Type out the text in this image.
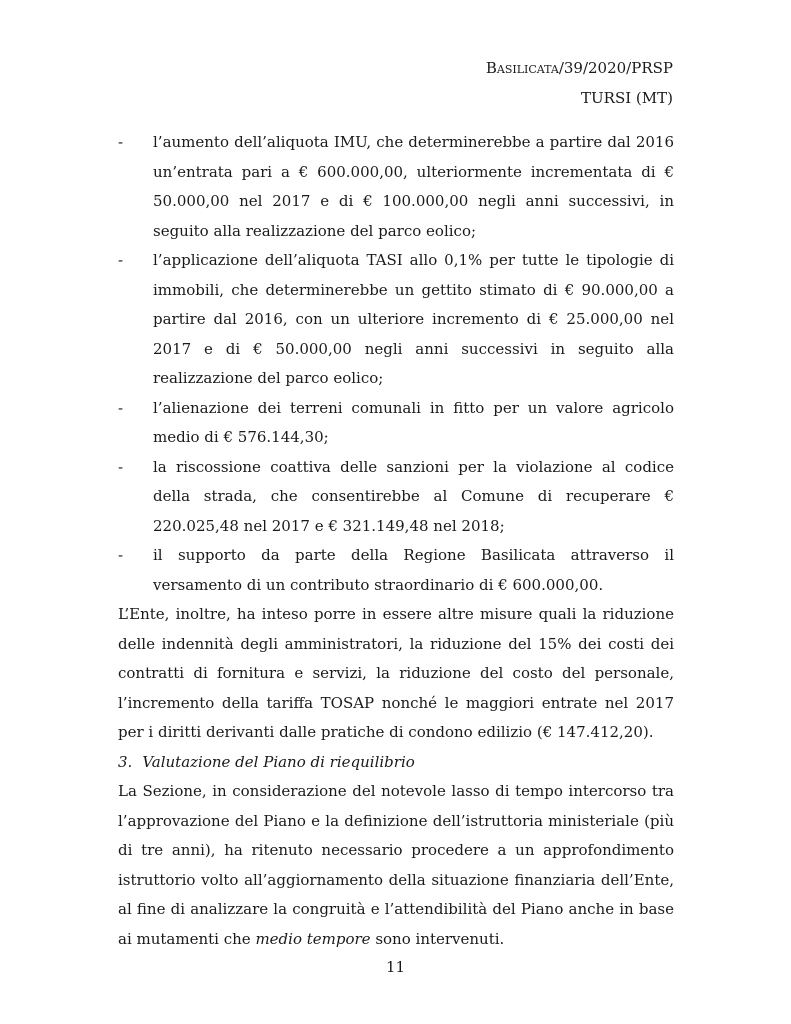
Basilicata/39/2020/PRSP
TURSI (MT)
- l’aumento dell’aliquota IMU, che determinerebbe a partire dal 2016 un’entrata pari a € 600.000,00, ulteriormente incrementata di € 50.000,00 nel 2017 e di € 100.000,00 negli anni successivi, in seguito alla realizzazione del parco eolico;
- l’applicazione dell’aliquota TASI allo 0,1% per tutte le tipologie di immobili, che determinerebbe un gettito stimato di € 90.000,00 a partire dal 2016, con un ulteriore incremento di € 25.000,00 nel 2017 e di € 50.000,00 negli anni successivi in seguito alla realizzazione del parco eolico;
- l’alienazione dei terreni comunali in fitto per un valore agricolo medio di € 576.144,30;
- la riscossione coattiva delle sanzioni per la violazione al codice della strada, che consentirebbe al Comune di recuperare € 220.025,48 nel 2017 e € 321.149,48 nel 2018;
- il supporto da parte della Regione Basilicata attraverso il versamento di un contributo straordinario di € 600.000,00.

L’Ente, inoltre, ha inteso porre in essere altre misure quali la riduzione delle indennità degli amministratori, la riduzione del 15% dei costi dei contratti di fornitura e servizi, la riduzione del costo del personale, l’incremento della tariffa TOSAP nonché le maggiori entrate nel 2017 per i diritti derivanti dalle pratiche di condono edilizio (€ 147.412,20).

3. Valutazione del Piano di riequilibrio

La Sezione, in considerazione del notevole lasso di tempo intercorso tra l’approvazione del Piano e la definizione dell’istruttoria ministeriale (più di tre anni), ha ritenuto necessario procedere a un approfondimento istruttorio volto all’aggiornamento della situazione finanziaria dell’Ente, al fine di analizzare la congruità e l’attendibilità del Piano anche in base ai mutamenti che medio tempore sono intervenuti.

11
